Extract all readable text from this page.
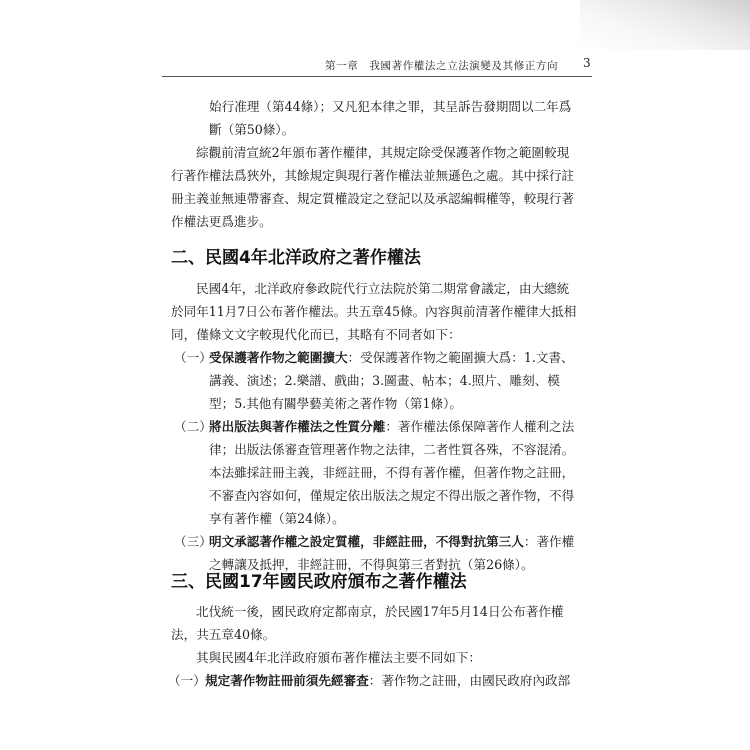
第一章　我國著作權法之立法演變及其修正方向	3
始行准理（第44條）；又凡犯本律之罪，其呈訴告發期間以二年爲
斷（第50條）。
綜觀前清宣統2年頒布著作權律，其規定除受保護著作物之範圍較現
行著作權法爲狹外，其餘規定與現行著作權法並無遜色之處。其中採行註
冊主義並無連帶審查、規定質權設定之登記以及承認編輯權等，較現行著
作權法更爲進步。
二、民國4年北洋政府之著作權法
民國4年，北洋政府參政院代行立法院於第二期常會議定，由大總統
於同年11月7日公布著作權法。共五章45條。內容與前清著作權律大抵相
同，僅條文文字較現代化而已，其略有不同者如下：
（一）
受保護著作物之範圍擴大：受保護著作物之範圍擴大爲：1.文書、
講義、演述；2.樂譜、戲曲；3.圖畫、帖本；4.照片、雕刻、模
型；5.其他有關學藝美術之著作物（第1條）。
（二）
將出版法與著作權法之性質分離：著作權法係保障著作人權利之法
律；出版法係審查管理著作物之法律，二者性質各殊，不容混淆。
本法雖採註冊主義，非經註冊，不得有著作權，但著作物之註冊，
不審查內容如何，僅規定依出版法之規定不得出版之著作物，不得
享有著作權（第24條）。
（三）
明文承認著作權之設定質權，非經註冊，不得對抗第三人：著作權
之轉讓及抵押，非經註冊，不得與第三者對抗（第26條）。
三、民國17年國民政府頒布之著作權法
北伐統一後，國民政府定都南京，於民國17年5月14日公布著作權
法，共五章40條。
其與民國4年北洋政府頒布著作權法主要不同如下：
（一） 規定著作物註冊前須先經審查：著作物之註冊，由國民政府內政部
